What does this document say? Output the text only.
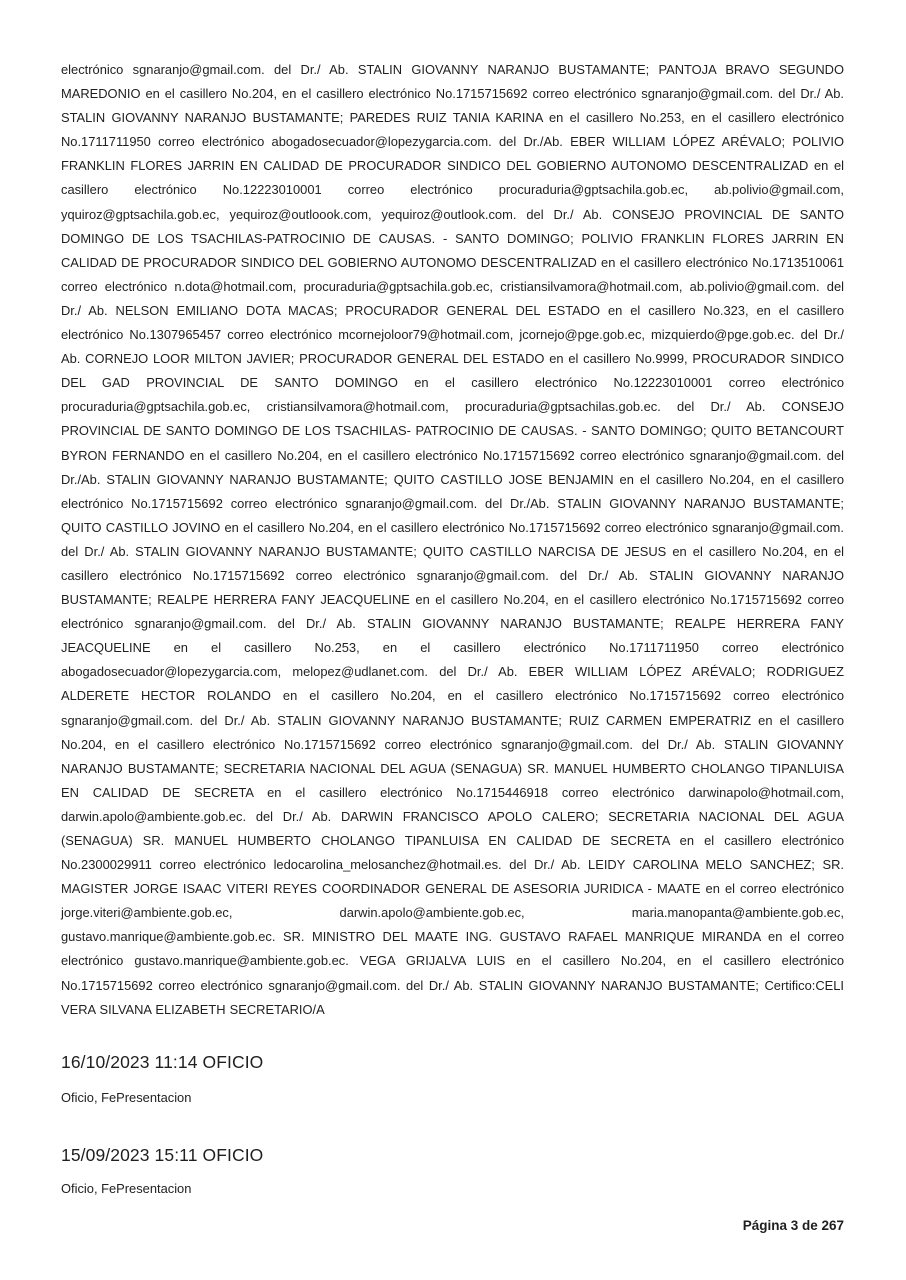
electrónico sgnaranjo@gmail.com. del Dr./ Ab. STALIN GIOVANNY NARANJO BUSTAMANTE; PANTOJA BRAVO SEGUNDO MAREDONIO en el casillero No.204, en el casillero electrónico No.1715715692 correo electrónico sgnaranjo@gmail.com. del Dr./ Ab. STALIN GIOVANNY NARANJO BUSTAMANTE; PAREDES RUIZ TANIA KARINA en el casillero No.253, en el casillero electrónico No.1711711950 correo electrónico abogadosecuador@lopezygarcia.com. del Dr./Ab. EBER WILLIAM LÓPEZ ARÉVALO; POLIVIO FRANKLIN FLORES JARRIN EN CALIDAD DE PROCURADOR SINDICO DEL GOBIERNO AUTONOMO DESCENTRALIZAD en el casillero electrónico No.12223010001 correo electrónico procuraduria@gptsachila.gob.ec, ab.polivio@gmail.com, yquiroz@gptsachila.gob.ec, yequiroz@outloook.com, yequiroz@outlook.com. del Dr./ Ab. CONSEJO PROVINCIAL DE SANTO DOMINGO DE LOS TSACHILAS-PATROCINIO DE CAUSAS. - SANTO DOMINGO; POLIVIO FRANKLIN FLORES JARRIN EN CALIDAD DE PROCURADOR SINDICO DEL GOBIERNO AUTONOMO DESCENTRALIZAD en el casillero electrónico No.1713510061 correo electrónico n.dota@hotmail.com, procuraduria@gptsachila.gob.ec, cristiansilvamora@hotmail.com, ab.polivio@gmail.com. del Dr./ Ab. NELSON EMILIANO DOTA MACAS; PROCURADOR GENERAL DEL ESTADO en el casillero No.323, en el casillero electrónico No.1307965457 correo electrónico mcornejoloor79@hotmail.com, jcornejo@pge.gob.ec, mizquierdo@pge.gob.ec. del Dr./ Ab. CORNEJO LOOR MILTON JAVIER; PROCURADOR GENERAL DEL ESTADO en el casillero No.9999, PROCURADOR SINDICO DEL GAD PROVINCIAL DE SANTO DOMINGO en el casillero electrónico No.12223010001 correo electrónico procuraduria@gptsachila.gob.ec, cristiansilvamora@hotmail.com, procuraduria@gptsachilas.gob.ec. del Dr./ Ab. CONSEJO PROVINCIAL DE SANTO DOMINGO DE LOS TSACHILAS- PATROCINIO DE CAUSAS. - SANTO DOMINGO; QUITO BETANCOURT BYRON FERNANDO en el casillero No.204, en el casillero electrónico No.1715715692 correo electrónico sgnaranjo@gmail.com. del Dr./Ab. STALIN GIOVANNY NARANJO BUSTAMANTE; QUITO CASTILLO JOSE BENJAMIN en el casillero No.204, en el casillero electrónico No.1715715692 correo electrónico sgnaranjo@gmail.com. del Dr./Ab. STALIN GIOVANNY NARANJO BUSTAMANTE; QUITO CASTILLO JOVINO en el casillero No.204, en el casillero electrónico No.1715715692 correo electrónico sgnaranjo@gmail.com. del Dr./ Ab. STALIN GIOVANNY NARANJO BUSTAMANTE; QUITO CASTILLO NARCISA DE JESUS en el casillero No.204, en el casillero electrónico No.1715715692 correo electrónico sgnaranjo@gmail.com. del Dr./ Ab. STALIN GIOVANNY NARANJO BUSTAMANTE; REALPE HERRERA FANY JEACQUELINE en el casillero No.204, en el casillero electrónico No.1715715692 correo electrónico sgnaranjo@gmail.com. del Dr./ Ab. STALIN GIOVANNY NARANJO BUSTAMANTE; REALPE HERRERA FANY JEACQUELINE en el casillero No.253, en el casillero electrónico No.1711711950 correo electrónico abogadosecuador@lopezygarcia.com, melopez@udlanet.com. del Dr./ Ab. EBER WILLIAM LÓPEZ ARÉVALO; RODRIGUEZ ALDERETE HECTOR ROLANDO en el casillero No.204, en el casillero electrónico No.1715715692 correo electrónico sgnaranjo@gmail.com. del Dr./ Ab. STALIN GIOVANNY NARANJO BUSTAMANTE; RUIZ CARMEN EMPERATRIZ en el casillero No.204, en el casillero electrónico No.1715715692 correo electrónico sgnaranjo@gmail.com. del Dr./ Ab. STALIN GIOVANNY NARANJO BUSTAMANTE; SECRETARIA NACIONAL DEL AGUA (SENAGUA) SR. MANUEL HUMBERTO CHOLANGO TIPANLUISA EN CALIDAD DE SECRETA en el casillero electrónico No.1715446918 correo electrónico darwinapolo@hotmail.com, darwin.apolo@ambiente.gob.ec. del Dr./ Ab. DARWIN FRANCISCO APOLO CALERO; SECRETARIA NACIONAL DEL AGUA (SENAGUA) SR. MANUEL HUMBERTO CHOLANGO TIPANLUISA EN CALIDAD DE SECRETA en el casillero electrónico No.2300029911 correo electrónico ledocarolina_melosanchez@hotmail.es. del Dr./ Ab. LEIDY CAROLINA MELO SANCHEZ; SR. MAGISTER JORGE ISAAC VITERI REYES COORDINADOR GENERAL DE ASESORIA JURIDICA - MAATE en el correo electrónico jorge.viteri@ambiente.gob.ec, darwin.apolo@ambiente.gob.ec, maria.manopanta@ambiente.gob.ec, gustavo.manrique@ambiente.gob.ec. SR. MINISTRO DEL MAATE ING. GUSTAVO RAFAEL MANRIQUE MIRANDA en el correo electrónico gustavo.manrique@ambiente.gob.ec. VEGA GRIJALVA LUIS en el casillero No.204, en el casillero electrónico No.1715715692 correo electrónico sgnaranjo@gmail.com. del Dr./ Ab. STALIN GIOVANNY NARANJO BUSTAMANTE; Certifico:CELI VERA SILVANA ELIZABETH SECRETARIO/A

16/10/2023 11:14 OFICIO

Oficio, FePresentacion

15/09/2023 15:11 OFICIO

Oficio, FePresentacion

Página 3 de 267
